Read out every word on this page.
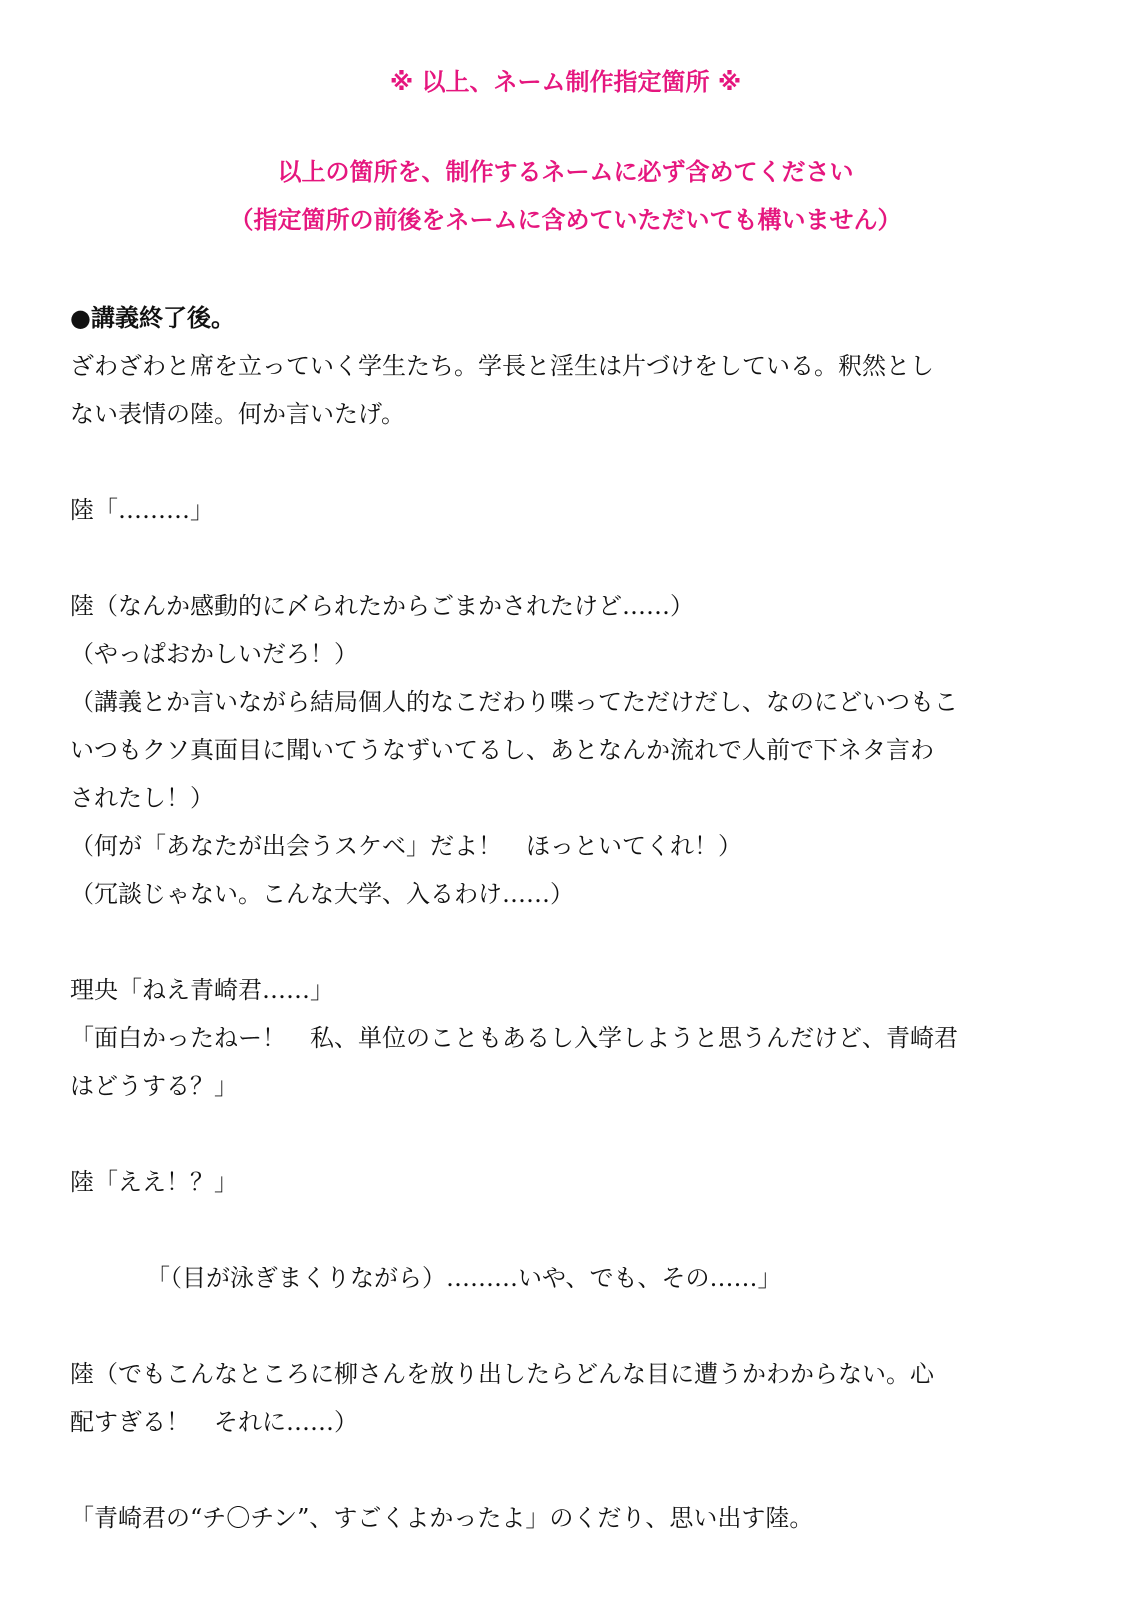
※ 以上、ネーム制作指定箇所 ※
以上の箇所を、制作するネームに必ず含めてください
（指定箇所の前後をネームに含めていただいても構いません）
●講義終了後。
ざわざわと席を立っていく学生たち。学長と淫生は片づけをしている。釈然とし
ない表情の陸。何か言いたげ。
陸「………」
陸（なんか感動的に〆られたからごまかされたけど……）
（やっぱおかしいだろ！）
（講義とか言いながら結局個人的なこだわり喋ってただけだし、なのにどいつもこ
いつもクソ真面目に聞いてうなずいてるし、あとなんか流れで人前で下ネタ言わ
されたし！）
（何が「あなたが出会うスケベ」だよ！　ほっといてくれ！）
（冗談じゃない。こんな大学、入るわけ……）
理央「ねえ青崎君……」
「面白かったねー！　私、単位のこともあるし入学しようと思うんだけど、青崎君
はどうする？」
陸「ええ！？」
「（目が泳ぎまくりながら）………いや、でも、その……」
陸（でもこんなところに柳さんを放り出したらどんな目に遭うかわからない。心
配すぎる！　それに……）
「青崎君の“チ〇チン”、すごくよかったよ」のくだり、思い出す陸。
